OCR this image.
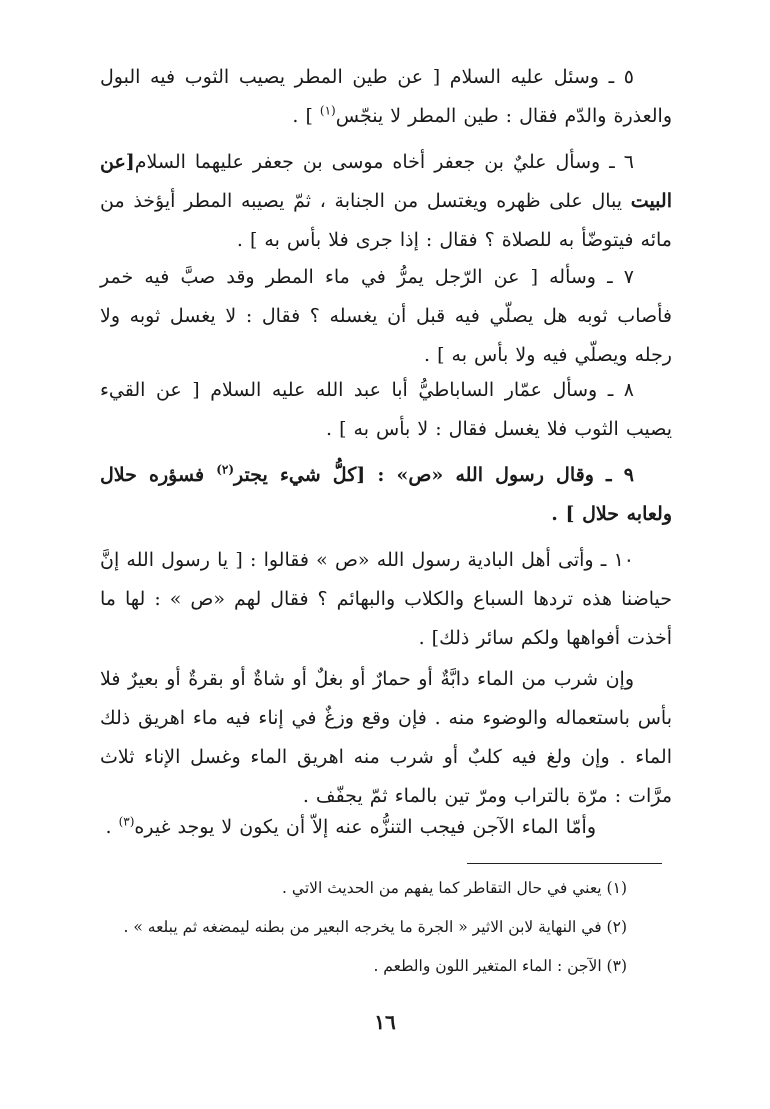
٥ ـ وسئل عليه السلام [ عن طين المطر يصيب الثوب فيه البول والعذرة والدّم فقال : طين المطر لا ينجّس$^{(١)}$ ] .

٦ ـ وسأل عليٌ بن جعفر أخاه موسى بن جعفر عليهما السلام[عن البيت يبال على ظهره ويغتسل من الجنابة ، ثمّ يصيبه المطر أيؤخذ من مائه فيتوضّأ به للصلاة ؟ فقال : إذا جرى فلا بأس به ] .

٧ ـ وسأله [ عن الرّجل يمرُّ في ماء المطر وقد صبَّ فيه خمر فأصاب ثوبه هل يصلّي فيه قبل أن يغسله ؟ فقال : لا يغسل ثوبه ولا رجله ويصلّي فيه ولا بأس به ] .

٨ ـ وسأل عمّار الساباطيُّ أبا عبد الله عليه السلام [ عن القيء يصيب الثوب فلا يغسل فقال : لا بأس به ] .

٩ ـ وقال رسول الله «ص» : [كلُّ شيء يجتر$^{(٢)}$ فسؤره حلال ولعابه حلال ] .

١٠ ـ وأتى أهل البادية رسول الله «ص » فقالوا : [ يا رسول الله إنَّ حياضنا هذه تردها السباع والكلاب والبهائم ؟ فقال لهم «ص » : لها ما أخذت أفواهها ولكم سائر ذلك] .

وإن شرب من الماء دابَّةٌ أو حمارٌ أو بغلٌ أو شاةٌ أو بقرةٌ أو بعيرٌ فلا بأس باستعماله والوضوء منه . فإن وقع وزغٌ في إناء فيه ماء اهريق ذلك الماء . وإن ولغ فيه كلبٌ أو شرب منه اهريق الماء وغسل الإناء ثلاث مرَّات : مرّة بالتراب ومرّ تين بالماء ثمّ يجفّف .

وأمّا الماء الآجن فيجب التنزُّه عنه إلاّ أن يكون لا يوجد غيره$^{(٣)}$ .

(١) يعني في حال التقاطر كما يفهم من الحديث الاتي .
(٢) في النهاية لابن الاثير « الجرة ما يخرجه البعير من بطنه ليمضغه ثم يبلعه » .
(٣) الآجن : الماء المتغير اللون والطعم .
١٦
